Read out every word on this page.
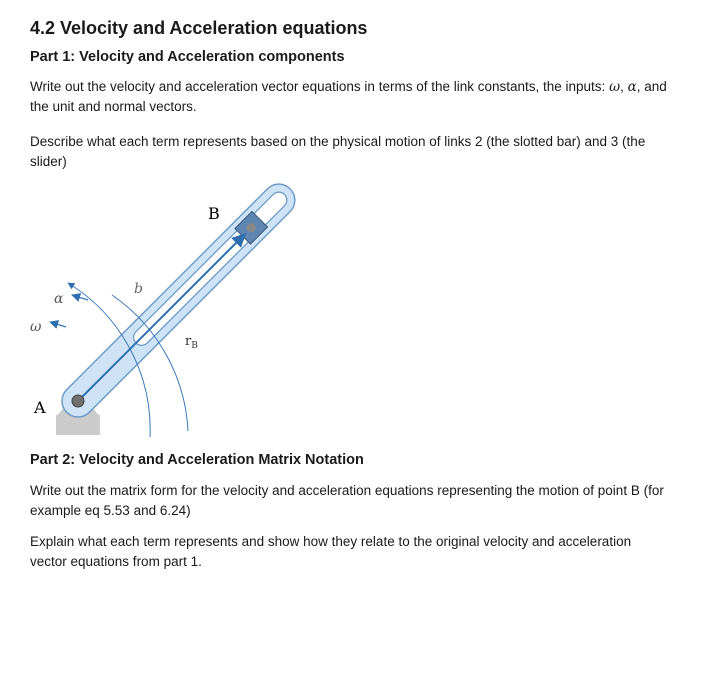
4.2 Velocity and Acceleration equations
Part 1: Velocity and Acceleration components

Write out the velocity and acceleration vector equations in terms of the link constants, the inputs: ω, α, and the unit and normal vectors.

Describe what each term represents based on the physical motion of links 2 (the slotted bar) and 3 (the slider)

Part 2: Velocity and Acceleration Matrix Notation

Write out the matrix form for the velocity and acceleration equations representing the motion of point B (for example eq 5.53 and 6.24)

Explain what each term represents and show how they relate to the original velocity and acceleration vector equations from part 1.

B
b
α
ω
A
$r_B$
